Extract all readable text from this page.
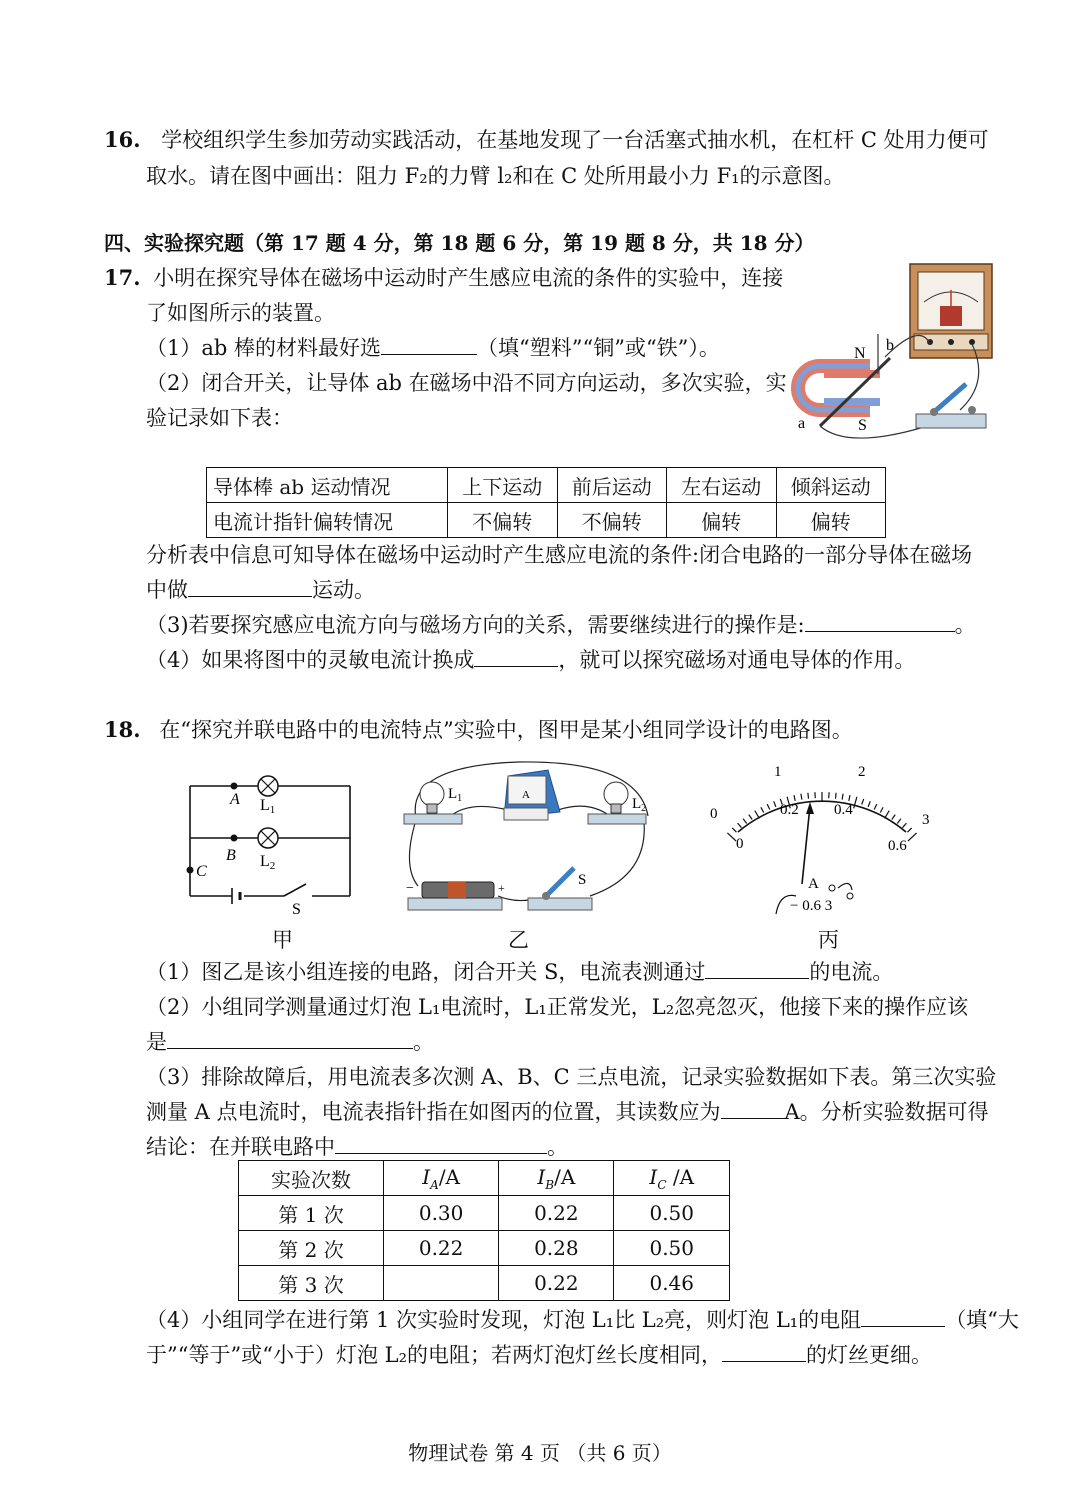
16. 学校组织学生参加劳动实践活动，在基地发现了一台活塞式抽水机，在杠杆 C 处用力便可
取水。请在图中画出：阻力 F₂的力臂 l₂和在 C 处所用最小力 F₁的示意图。
四、实验探究题（第 17 题 4 分，第 18 题 6 分，第 19 题 8 分，共 18 分）
17. 小明在探究导体在磁场中运动时产生感应电流的条件的实验中，连接
了如图所示的装置。
（1）ab 棒的材料最好选	（填“塑料”“铜”或“铁”）。
（2）闭合开关，让导体 ab 在磁场中沿不同方向运动，多次实验，实
验记录如下表：
N b
S
a
导体棒 ab 运动情况	上下运动	前后运动	左右运动	倾斜运动
电流计指针偏转情况	不偏转	不偏转	偏转	偏转
分析表中信息可知导体在磁场中运动时产生感应电流的条件:闭合电路的一部分导体在磁场
中做	运动。
（3)若要探究感应电流方向与磁场方向的关系，需要继续进行的操作是:	。
（4）如果将图中的灵敏电流计换成	，就可以探究磁场对通电导体的作用。
18. 在“探究并联电路中的电流特点”实验中，图甲是某小组同学设计的电路图。
A
B
C
L1
L2
S
甲
A
$L_1$	$L_2$
S
−	+
乙
0
1	2
3
0
0.2 0.4
0.6
A
− 0.6 3
丙
（1）图乙是该小组连接的电路，闭合开关 S，电流表测通过	的电流。
（2）小组同学测量通过灯泡 L₁电流时，L₁正常发光，L₂忽亮忽灭，他接下来的操作应该
是	。
（3）排除故障后，用电流表多次测 A、B、C 三点电流，记录实验数据如下表。第三次实验
测量 A 点电流时，电流表指针指在如图丙的位置，其读数应为	A。分析实验数据可得
结论：在并联电路中	。
实验次数	$I_A/A$	$I_B/A$	$I_C$ /A
第 1 次	0.30	0.22	0.50
第 2 次	0.22	0.28	0.50
第 3 次		0.22	0.46
（4）小组同学在进行第 1 次实验时发现，灯泡 L₁比 L₂亮，则灯泡 L₁的电阻	（填“大
于”“等于”或“小于）灯泡 L₂的电阻；若两灯泡灯丝长度相同，	的灯丝更细。
物理试卷 第 4 页 （共 6 页）
